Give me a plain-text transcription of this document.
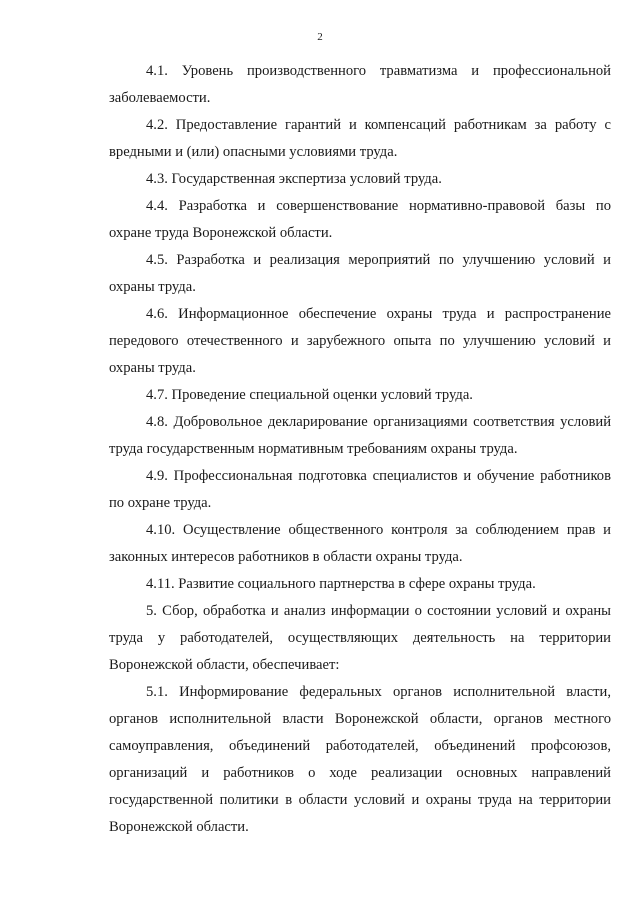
2

4.1. Уровень производственного травматизма и профессиональной заболеваемости.

4.2. Предоставление гарантий и компенсаций работникам за работу с вредными и (или) опасными условиями труда.

4.3. Государственная экспертиза условий труда.

4.4. Разработка и совершенствование нормативно-правовой базы по охране труда Воронежской области.

4.5. Разработка и реализация мероприятий по улучшению условий и охраны труда.

4.6. Информационное обеспечение охраны труда и распространение передового отечественного и зарубежного опыта по улучшению условий и охраны труда.

4.7. Проведение специальной оценки условий труда.

4.8. Добровольное декларирование организациями соответствия условий труда государственным нормативным требованиям охраны труда.

4.9. Профессиональная подготовка специалистов и обучение работников по охране труда.

4.10. Осуществление общественного контроля за соблюдением прав и законных интересов работников в области охраны труда.

4.11. Развитие социального партнерства в сфере охраны труда.

5. Сбор, обработка и анализ информации о состоянии условий и охраны труда у работодателей, осуществляющих деятельность на территории Воронежской области, обеспечивает:

5.1. Информирование федеральных органов исполнительной власти, органов исполнительной власти Воронежской области, органов местного самоуправления, объединений работодателей, объединений профсоюзов, организаций и работников о ходе реализации основных направлений государственной политики в области условий и охраны труда на территории Воронежской области.
